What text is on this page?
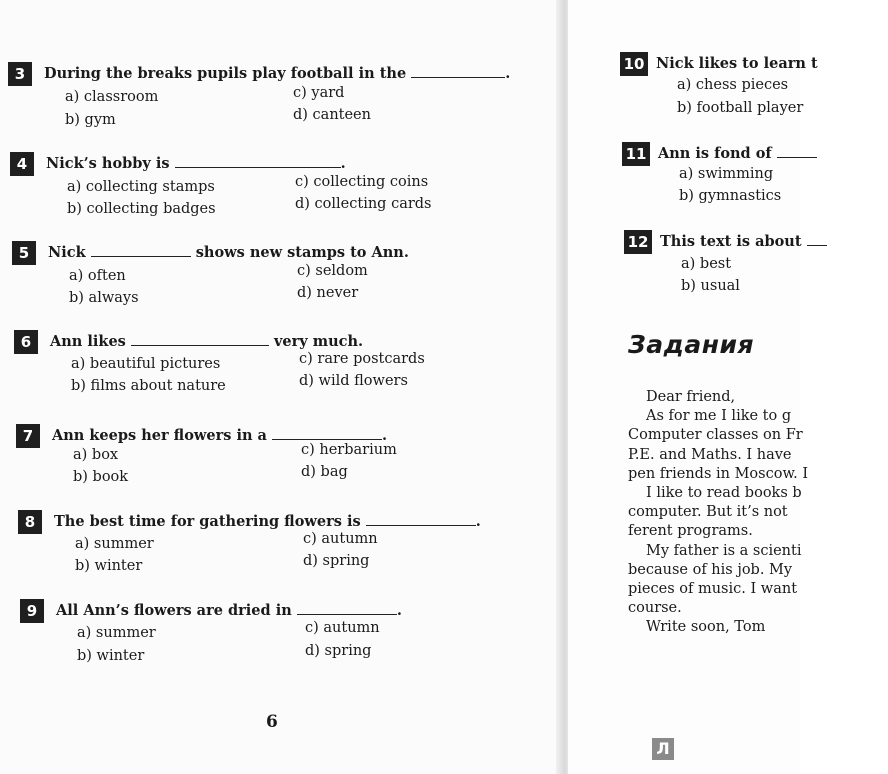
3	During the breaks pupils play football in the	.
a) classroom
b) gym
c) yard
d) canteen
4	Nick’s hobby is	.
a) collecting stamps
b) collecting badges
c) collecting coins
d) collecting cards
5	Nick	shows new stamps to Ann.
a) often
b) always
c) seldom
d) never
6	Ann likes	very much.
a) beautiful pictures
b) films about nature
c) rare postcards
d) wild flowers
7	Ann keeps her flowers in a	.
a) box
b) book
c) herbarium
d) bag
8	The best time for gathering flowers is	.
a) summer
b) winter
c) autumn
d) spring
9	All Ann’s flowers are dried in	.
a) summer
b) winter
c) autumn
d) spring
6
10 Nick likes to learn t
a) chess pieces
b) football player
11 Ann is fond of
a) swimming
b) gymnastics
12 This text is about
a) best
b) usual
Задания
Dear friend,
As for me I like to g
Computer classes on Fr
P.E. and Maths. I have
pen friends in Moscow. I
I like to read books b
computer. But it’s not
ferent programs.
My father is a scienti
because of his job. My
pieces of music. I want
course.
Write soon, Tom
Л
